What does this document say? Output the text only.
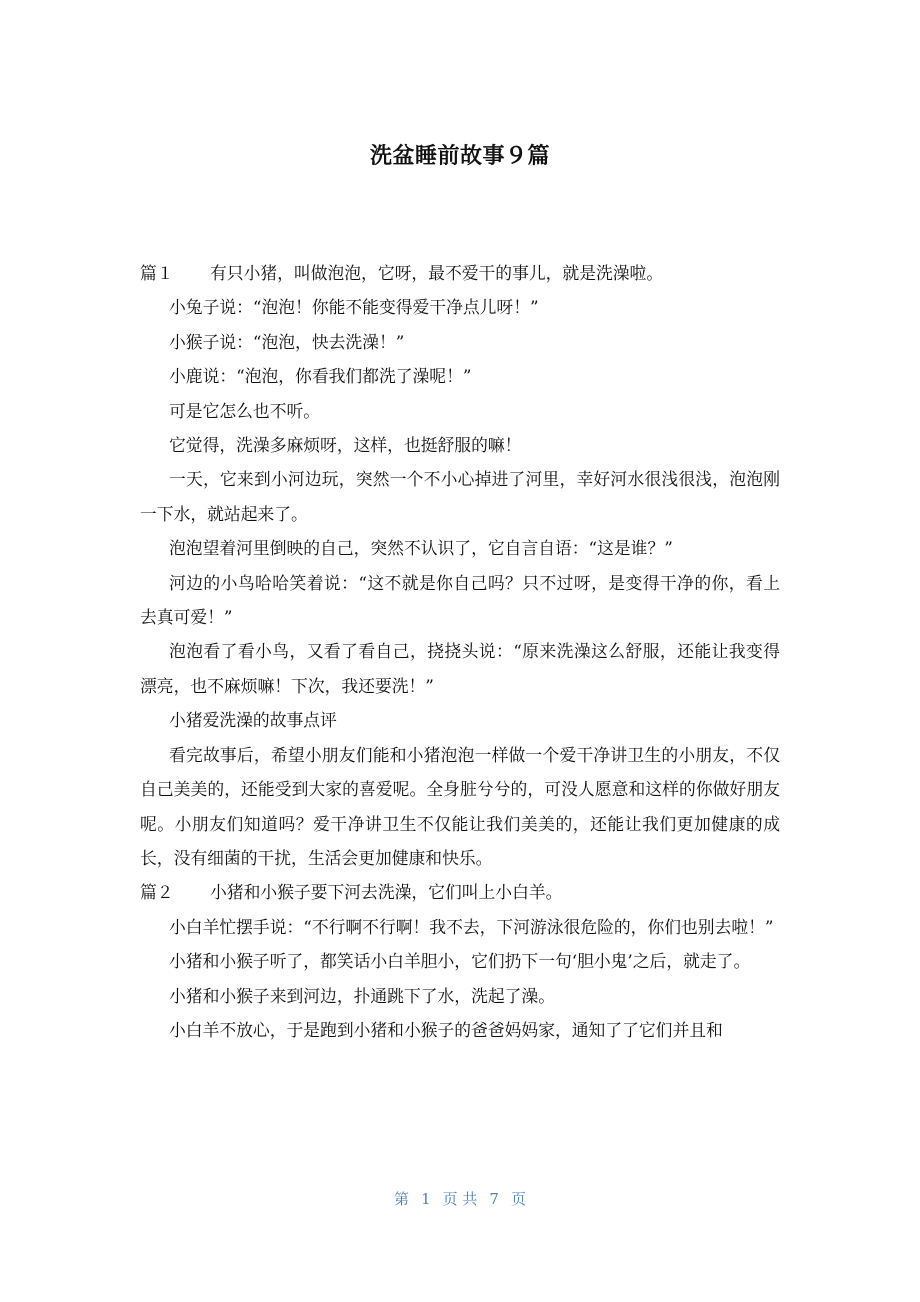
洗盆睡前故事９篇

篇１ 有只小猪，叫做泡泡，它呀，最不爱干的事儿，就是洗澡啦。

小兔子说：“泡泡！你能不能变得爱干净点儿呀！”

小猴子说：“泡泡，快去洗澡！”

小鹿说：“泡泡，你看我们都洗了澡呢！”

可是它怎么也不听。

它觉得，洗澡多麻烦呀，这样，也挺舒服的嘛！

一天，它来到小河边玩，突然一个不小心掉进了河里，幸好河水很浅很浅，泡泡刚一下水，就站起来了。

泡泡望着河里倒映的自己，突然不认识了，它自言自语：“这是谁？”

河边的小鸟哈哈笑着说：“这不就是你自己吗？只不过呀，是变得干净的你，看上去真可爱！”

泡泡看了看小鸟，又看了看自己，挠挠头说：“原来洗澡这么舒服，还能让我变得漂亮，也不麻烦嘛！下次，我还要洗！”

小猪爱洗澡的故事点评

看完故事后，希望小朋友们能和小猪泡泡一样做一个爱干净讲卫生的小朋友，不仅自己美美的，还能受到大家的喜爱呢。全身脏兮兮的，可没人愿意和这样的你做好朋友呢。小朋友们知道吗？爱干净讲卫生不仅能让我们美美的，还能让我们更加健康的成长，没有细菌的干扰，生活会更加健康和快乐。

篇２ 小猪和小猴子要下河去洗澡，它们叫上小白羊。

小白羊忙摆手说：“不行啊不行啊！我不去，下河游泳很危险的，你们也别去啦！”

小猪和小猴子听了，都笑话小白羊胆小，它们扔下一句‘胆小鬼’之后，就走了。

小猪和小猴子来到河边，扑通跳下了水，洗起了澡。

小白羊不放心，于是跑到小猪和小猴子的爸爸妈妈家，通知了了它们并且和

第 1 页 共 7 页
